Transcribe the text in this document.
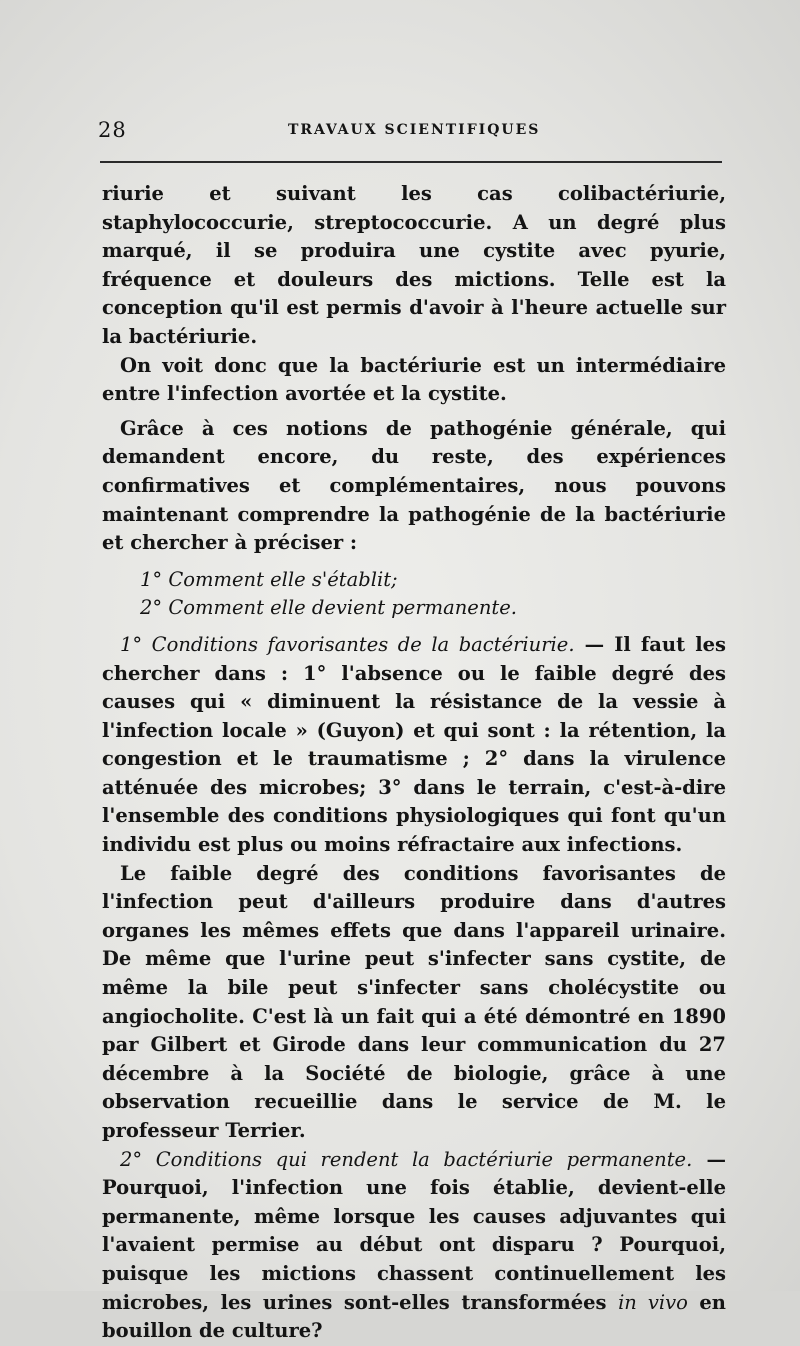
28	TRAVAUX SCIENTIFIQUES

riurie et suivant les cas colibactériurie, staphylococcurie, streptococcurie. A un degré plus marqué, il se produira une cystite avec pyurie, fréquence et douleurs des mictions. Telle est la conception qu'il est permis d'avoir à l'heure actuelle sur la bactériurie.

On voit donc que la bactériurie est un intermédiaire entre l'infection avortée et la cystite.

Grâce à ces notions de pathogénie générale, qui demandent encore, du reste, des expériences confirmatives et complémentaires, nous pouvons maintenant comprendre la pathogénie de la bactériurie et chercher à préciser :

1° Comment elle s'établit;

2° Comment elle devient permanente.

1° Conditions favorisantes de la bactériurie. — Il faut les chercher dans : 1° l'absence ou le faible degré des causes qui « diminuent la résistance de la vessie à l'infection locale » (Guyon) et qui sont : la rétention, la congestion et le traumatisme ; 2° dans la virulence atténuée des microbes; 3° dans le terrain, c'est-à-dire l'ensemble des conditions physiologiques qui font qu'un individu est plus ou moins réfractaire aux infections.

Le faible degré des conditions favorisantes de l'infection peut d'ailleurs produire dans d'autres organes les mêmes effets que dans l'appareil urinaire. De même que l'urine peut s'infecter sans cystite, de même la bile peut s'infecter sans cholécystite ou angiocholite. C'est là un fait qui a été démontré en 1890 par Gilbert et Girode dans leur communication du 27 décembre à la Société de biologie, grâce à une observation recueillie dans le service de M. le professeur Terrier.

2° Conditions qui rendent la bactériurie permanente. — Pourquoi, l'infection une fois établie, devient-elle permanente, même lorsque les causes adjuvantes qui l'avaient permise au début ont disparu ? Pourquoi, puisque les mictions chassent continuellement les microbes, les urines sont-elles transformées in vivo en bouillon de culture?
